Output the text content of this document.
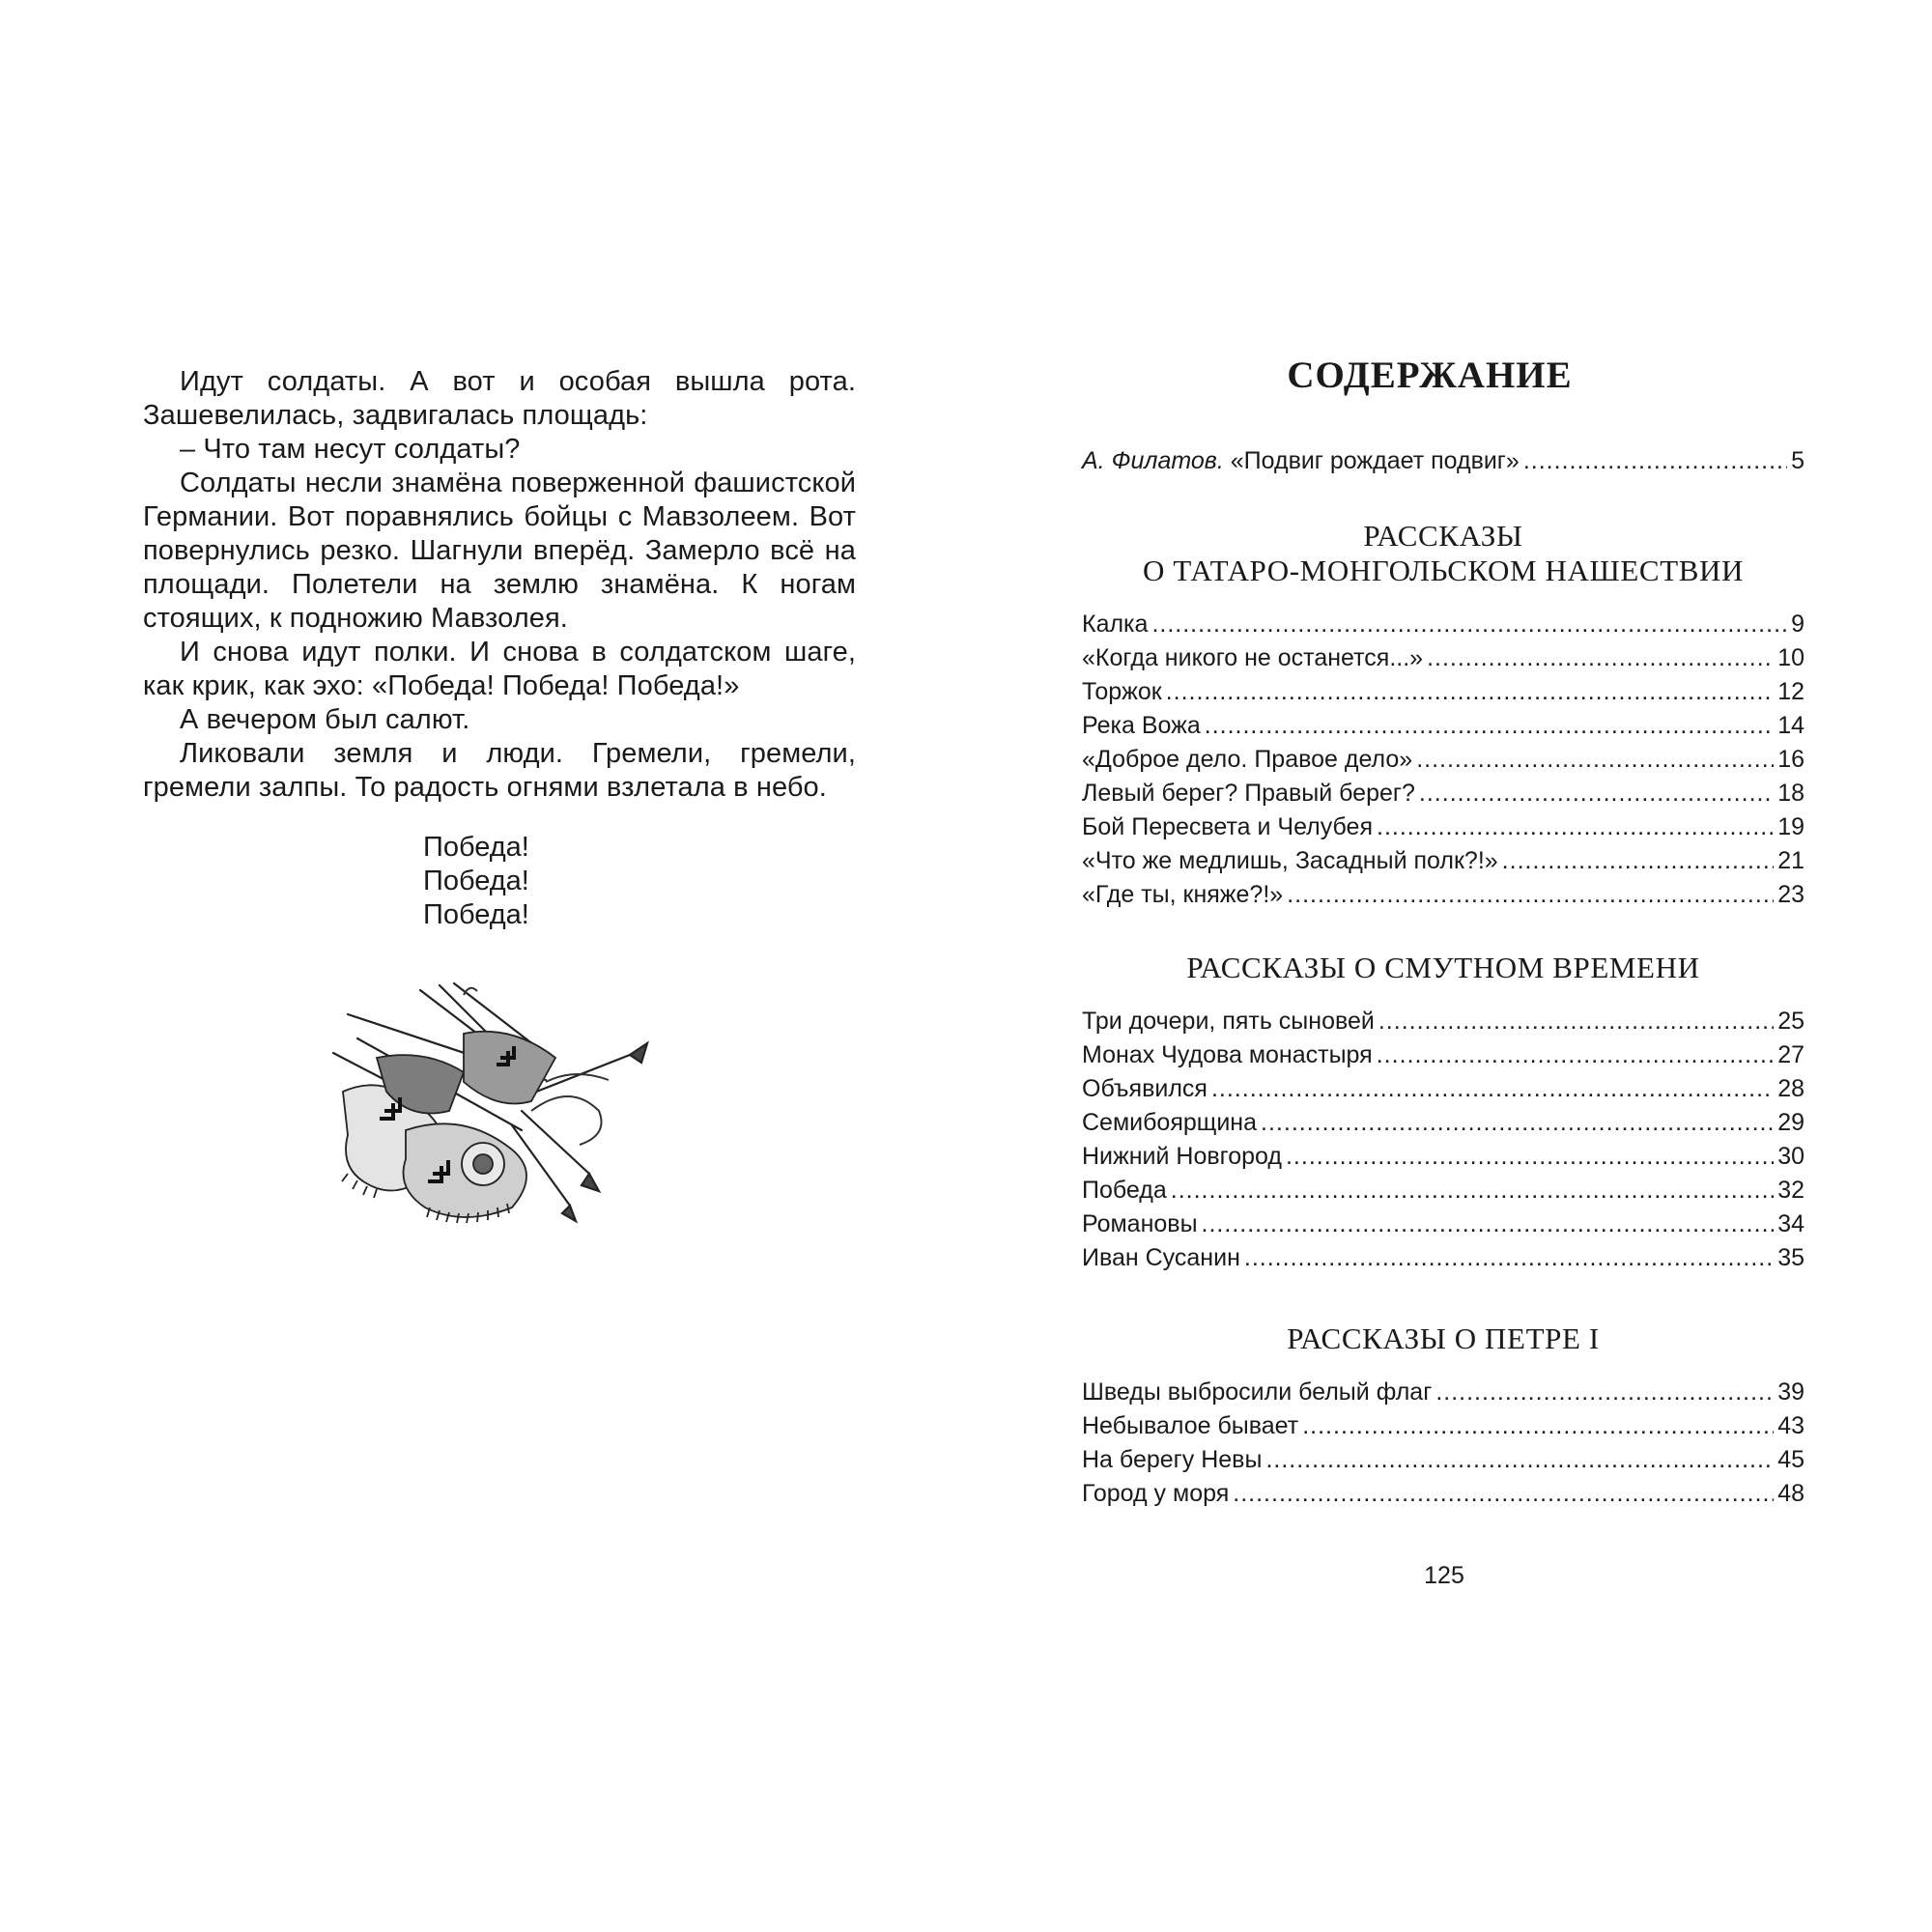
Идут солдаты. А вот и особая вышла рота. Зашевелилась, задвигалась площадь:

– Что там несут солдаты?

Солдаты несли знамёна поверженной фашистской Германии. Вот поравнялись бойцы с Мавзолеем. Вот повернулись резко. Шагнули вперёд. Замерло всё на площади. Полетели на землю знамёна. К ногам стоящих, к подножию Мавзолея.

И снова идут полки. И снова в солдатском шаге, как крик, как эхо: «Победа! Победа! Победа!»

А вечером был салют.

Ликовали земля и люди. Гремели, гремели, гремели залпы. То радость огнями взлетала в небо.

Победа!
Победа!
Победа!
СОДЕРЖАНИЕ
А. Филатов. «Подвиг рождает подвиг» .....	5
РАССКАЗЫ
О ТАТАРО-МОНГОЛЬСКОМ НАШЕСТВИИ
Калка .....	9
«Когда никого не останется...» .....	10
Торжок .....	12
Река Вожа .....	14
«Доброе дело. Правое дело» .....	16
Левый берег? Правый берег? .....	18
Бой Пересвета и Челубея .....	19
«Что же медлишь, Засадный полк?!» .....	21
«Где ты, княже?!» .....	23
РАССКАЗЫ О СМУТНОМ ВРЕМЕНИ
Три дочери, пять сыновей .....	25
Монах Чудова монастыря .....	27
Объявился .....	28
Семибоярщина .....	29
Нижний Новгород .....	30
Победа .....	32
Романовы .....	34
Иван Сусанин .....	35
РАССКАЗЫ О ПЕТРЕ I
Шведы выбросили белый флаг .....	39
Небывалое бывает .....	43
На берегу Невы .....	45
Город у моря .....	48
125
